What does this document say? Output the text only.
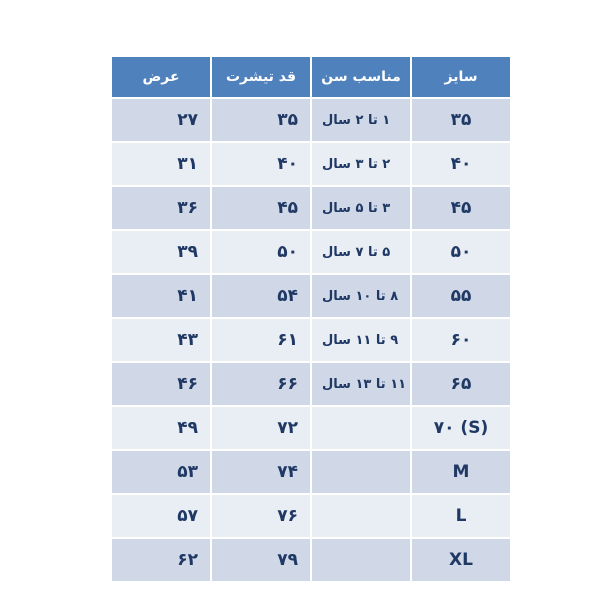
سایز	مناسب سن	قد تیشرت	عرض
۳۵	۱ تا ۲ سال	۳۵	۲۷
۴۰	۲ تا ۳ سال	۴۰	۳۱
۴۵	۳ تا ۵ سال	۴۵	۳۶
۵۰	۵ تا ۷ سال	۵۰	۳۹
۵۵	۸ تا ۱۰ سال	۵۴	۴۱
۶۰	۹ تا ۱۱ سال	۶۱	۴۳
۶۵	۱۱ تا ۱۳ سال	۶۶	۴۶
۷۰ (S)		۷۲	۴۹
M		۷۴	۵۳
L		۷۶	۵۷
XL		۷۹	۶۲
